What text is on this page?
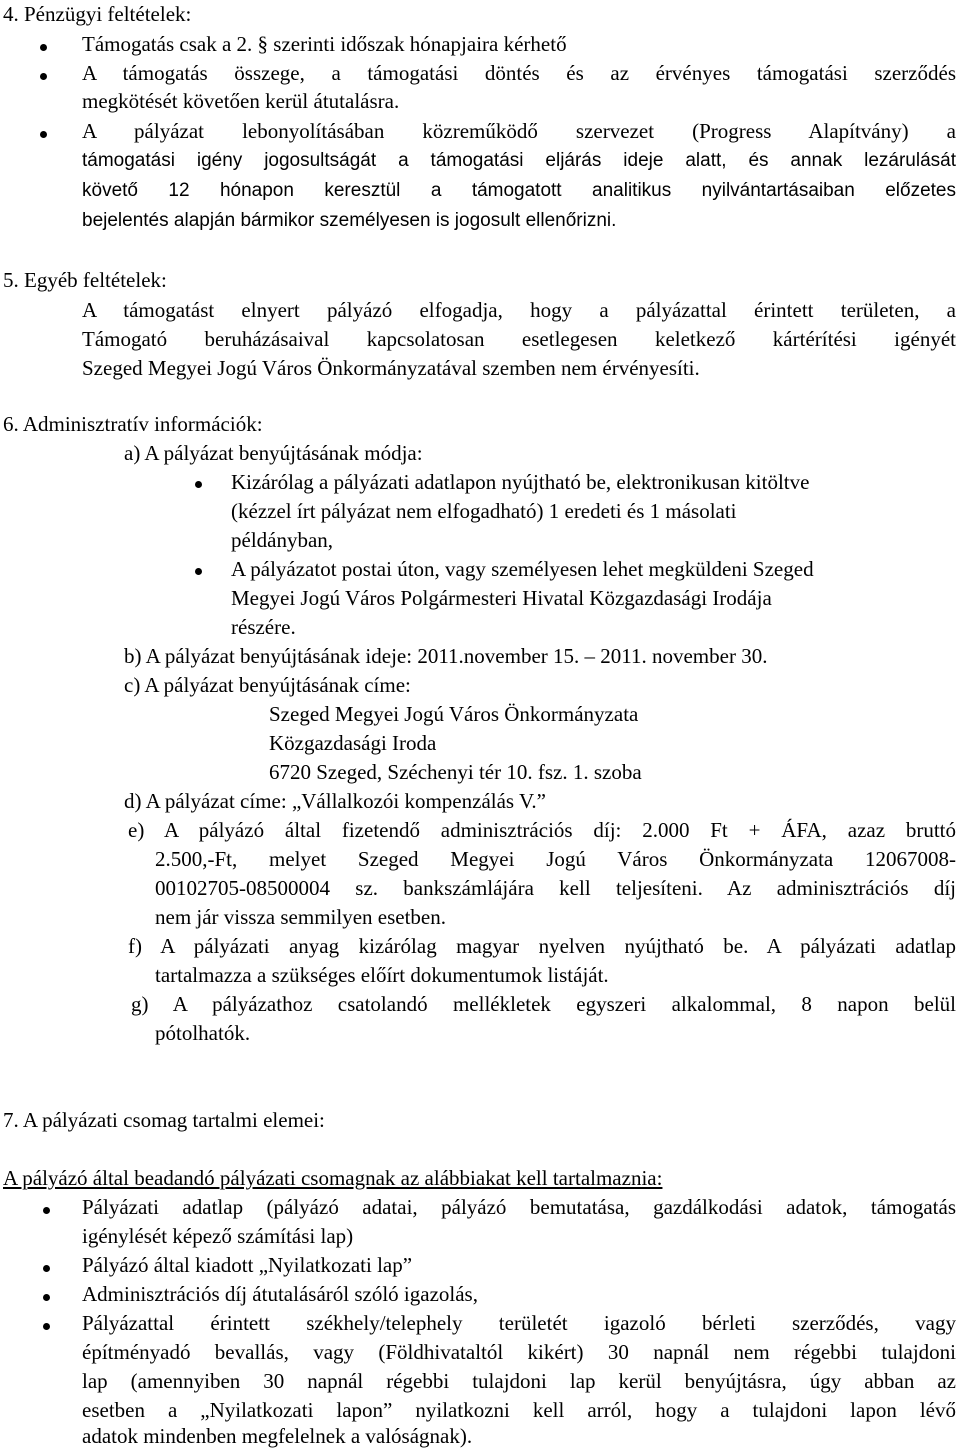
4. Pénzügyi feltételek:
Támogatás csak a 2. § szerinti időszak hónapjaira kérhető
A támogatás összege, a támogatási döntés és az érvényes támogatási szerződés
megkötését követően kerül átutalásra.
A pályázat lebonyolításában közreműködő szervezet (Progress Alapítvány) a
támogatási igény jogosultságát a támogatási eljárás ideje alatt, és annak lezárulását
követő 12 hónapon keresztül a támogatott analitikus nyilvántartásaiban előzetes
bejelentés alapján bármikor személyesen is jogosult ellenőrizni.
5. Egyéb feltételek:
A támogatást elnyert pályázó elfogadja, hogy a pályázattal érintett területen, a
Támogató beruházásaival kapcsolatosan esetlegesen keletkező kártérítési igényét
Szeged Megyei Jogú Város Önkormányzatával szemben nem érvényesíti.
6. Adminisztratív információk:
a) A pályázat benyújtásának módja:
Kizárólag a pályázati adatlapon nyújtható be, elektronikusan kitöltve
(kézzel írt pályázat nem elfogadható) 1 eredeti és 1 másolati
példányban,
A pályázatot postai úton, vagy személyesen lehet megküldeni Szeged
Megyei Jogú Város Polgármesteri Hivatal Közgazdasági Irodája
részére.
b) A pályázat benyújtásának ideje: 2011.november 15. – 2011. november 30.
c) A pályázat benyújtásának címe:
Szeged Megyei Jogú Város Önkormányzata
Közgazdasági Iroda
6720 Szeged, Széchenyi tér 10. fsz. 1. szoba
d) A pályázat címe: „Vállalkozói kompenzálás V.”
e) A pályázó által fizetendő adminisztrációs díj: 2.000 Ft + ÁFA, azaz bruttó
2.500,-Ft, melyet Szeged Megyei Jogú Város Önkormányzata 12067008-
00102705-08500004 sz. bankszámlájára kell teljesíteni. Az adminisztrációs díj
nem jár vissza semmilyen esetben.
f) A pályázati anyag kizárólag magyar nyelven nyújtható be. A pályázati adatlap
tartalmazza a szükséges előírt dokumentumok listáját.
g) A pályázathoz csatolandó mellékletek egyszeri alkalommal, 8 napon belül
pótolhatók.
7. A pályázati csomag tartalmi elemei:
A pályázó által beadandó pályázati csomagnak az alábbiakat kell tartalmaznia:
Pályázati adatlap (pályázó adatai, pályázó bemutatása, gazdálkodási adatok, támogatás
igénylését képező számítási lap)
Pályázó által kiadott „Nyilatkozati lap”
Adminisztrációs díj átutalásáról szóló igazolás,
Pályázattal érintett székhely/telephely területét igazoló bérleti szerződés, vagy
építményadó bevallás, vagy (Földhivataltól kikért) 30 napnál nem régebbi tulajdoni
lap (amennyiben 30 napnál régebbi tulajdoni lap kerül benyújtásra, úgy abban az
esetben a „Nyilatkozati lapon” nyilatkozni kell arról, hogy a tulajdoni lapon lévő
adatok mindenben megfelelnek a valóságnak).
